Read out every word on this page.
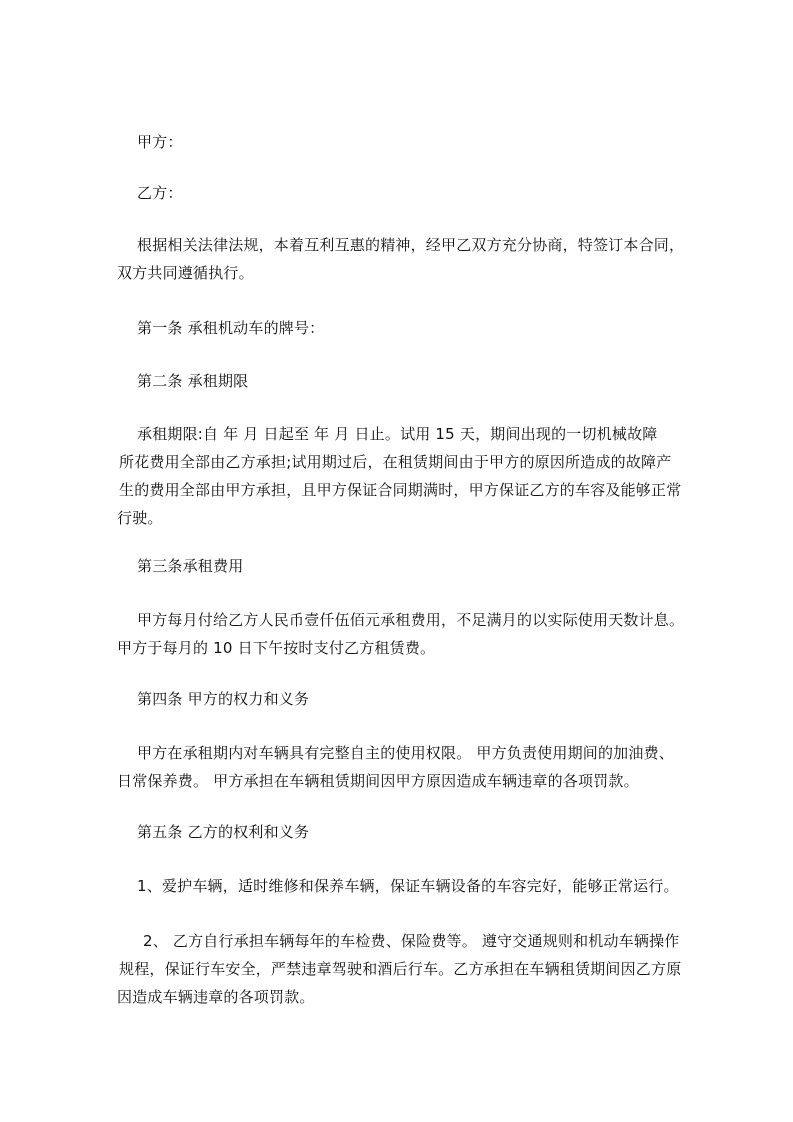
甲方：
乙方：
根据相关法律法规，本着互利互惠的精神，经甲乙双方充分协商，特签订本合同，
双方共同遵循执行。
第一条 承租机动车的牌号：
第二条 承租期限
承租期限:自 年 月 日起至 年 月 日止。试用 15 天，期间出现的一切机械故障
所花费用全部由乙方承担;试用期过后，在租赁期间由于甲方的原因所造成的故障产
生的费用全部由甲方承担，且甲方保证合同期满时，甲方保证乙方的车容及能够正常
行驶。
第三条承租费用
甲方每月付给乙方人民币壹仟伍佰元承租费用，不足满月的以实际使用天数计息。
甲方于每月的 10 日下午按时支付乙方租赁费。
第四条 甲方的权力和义务
甲方在承租期内对车辆具有完整自主的使用权限。 甲方负责使用期间的加油费、
日常保养费。 甲方承担在车辆租赁期间因甲方原因造成车辆违章的各项罚款。
第五条 乙方的权利和义务
1、爱护车辆，适时维修和保养车辆，保证车辆设备的车容完好，能够正常运行。
2、 乙方自行承担车辆每年的车检费、保险费等。 遵守交通规则和机动车辆操作
规程，保证行车安全，严禁违章驾驶和酒后行车。乙方承担在车辆租赁期间因乙方原
因造成车辆违章的各项罚款。
